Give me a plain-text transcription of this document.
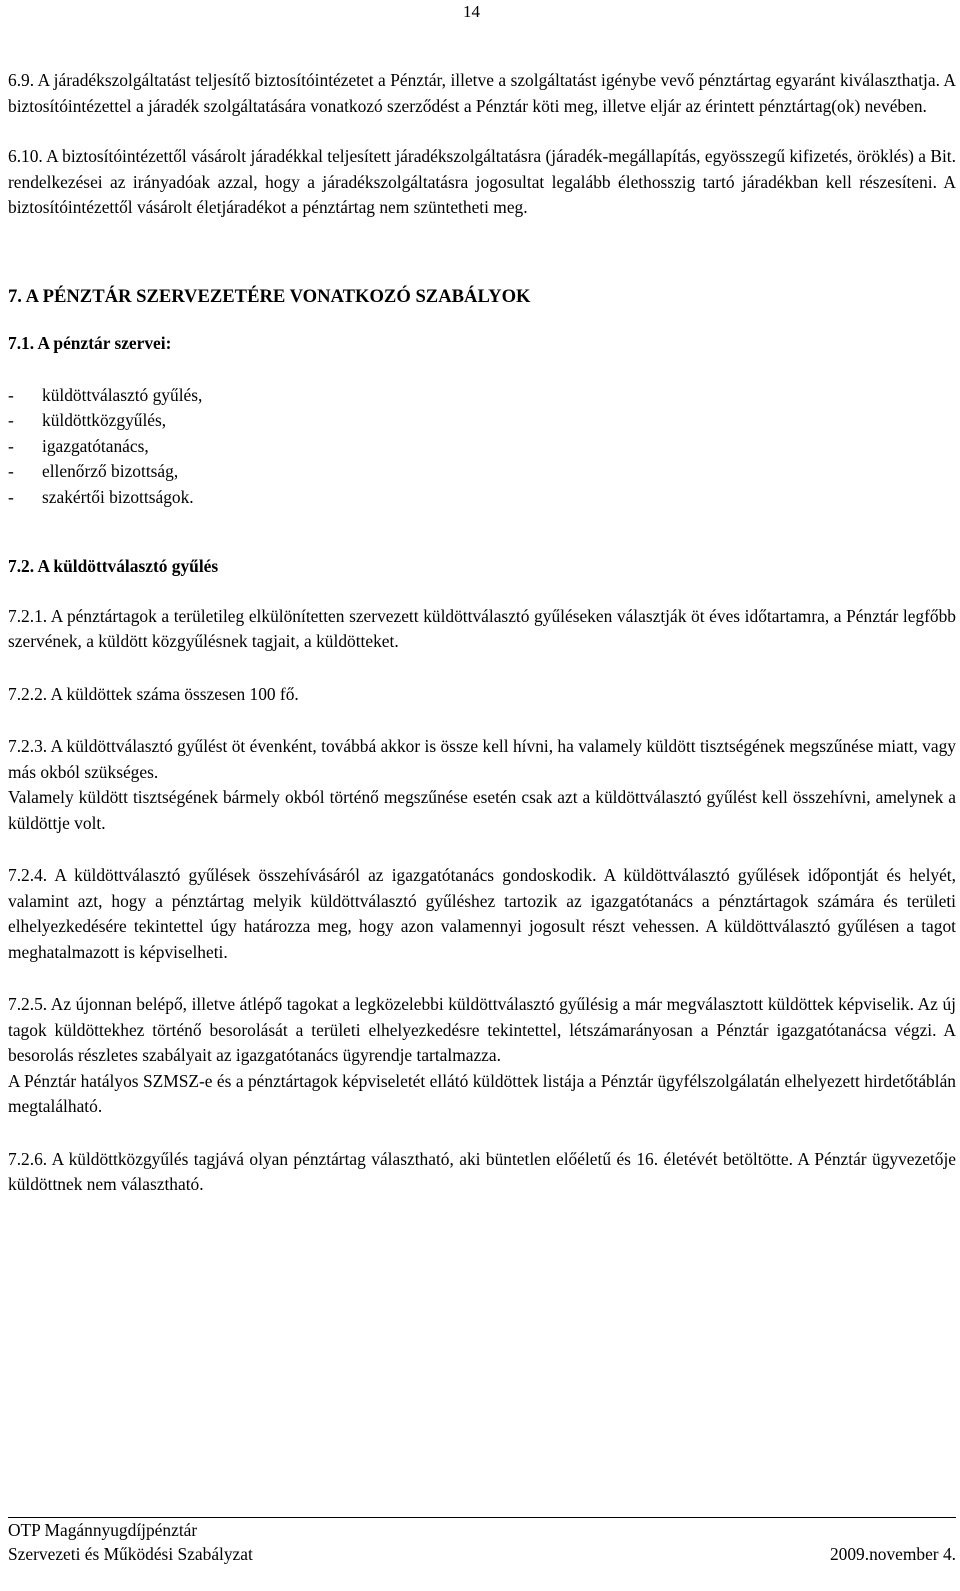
14

6.9. A járadékszolgáltatást teljesítő biztosítóintézetet a Pénztár, illetve a szolgáltatást igénybe vevő pénztártag egyaránt kiválaszthatja. A biztosítóintézettel a járadék szolgáltatására vonatkozó szerződést a Pénztár köti meg, illetve eljár az érintett pénztártag(ok) nevében.

6.10. A biztosítóintézettől vásárolt járadékkal teljesített járadékszolgáltatásra (járadék-megállapítás, egyösszegű kifizetés, öröklés) a Bit. rendelkezései az irányadóak azzal, hogy a járadékszolgáltatásra jogosultat legalább élethosszig tartó járadékban kell részesíteni. A biztosítóintézettől vásárolt életjáradékot a pénztártag nem szüntetheti meg.

7. A PÉNZTÁR SZERVEZETÉRE VONATKOZÓ SZABÁLYOK

7.1. A pénztár szervei:

-	küldöttválasztó gyűlés,
-	küldöttközgyűlés,
-	igazgatótanács,
-	ellenőrző bizottság,
-	szakértői bizottságok.

7.2. A küldöttválasztó gyűlés

7.2.1. A pénztártagok a területileg elkülönítetten szervezett küldöttválasztó gyűléseken választják öt éves időtartamra, a Pénztár legfőbb szervének, a küldött közgyűlésnek tagjait, a küldötteket.

7.2.2. A küldöttek száma összesen 100 fő.

7.2.3. A küldöttválasztó gyűlést öt évenként, továbbá akkor is össze kell hívni, ha valamely küldött tisztségének megszűnése miatt, vagy más okból szükséges.

Valamely küldött tisztségének bármely okból történő megszűnése esetén csak azt a küldöttválasztó gyűlést kell összehívni, amelynek a küldöttje volt.

7.2.4. A küldöttválasztó gyűlések összehívásáról az igazgatótanács gondoskodik. A küldöttválasztó gyűlések időpontját és helyét, valamint azt, hogy a pénztártag melyik küldöttválasztó gyűléshez tartozik az igazgatótanács a pénztártagok számára és területi elhelyezkedésére tekintettel úgy határozza meg, hogy azon valamennyi jogosult részt vehessen. A küldöttválasztó gyűlésen a tagot meghatalmazott is képviselheti.

7.2.5. Az újonnan belépő, illetve átlépő tagokat a legközelebbi küldöttválasztó gyűlésig a már megválasztott küldöttek képviselik. Az új tagok küldöttekhez történő besorolását a területi elhelyezkedésre tekintettel, létszámarányosan a Pénztár igazgatótanácsa végzi. A besorolás részletes szabályait az igazgatótanács ügyrendje tartalmazza.

A Pénztár hatályos SZMSZ-e és a pénztártagok képviseletét ellátó küldöttek listája a Pénztár ügyfélszolgálatán elhelyezett hirdetőtáblán megtalálható.

7.2.6. A küldöttközgyűlés tagjává olyan pénztártag választható, aki büntetlen előéletű és 16. életévét betöltötte. A Pénztár ügyvezetője küldöttnek nem választható.

OTP Magánnyugdíjpénztár
Szervezeti és Működési Szabályzat	2009.november 4.
